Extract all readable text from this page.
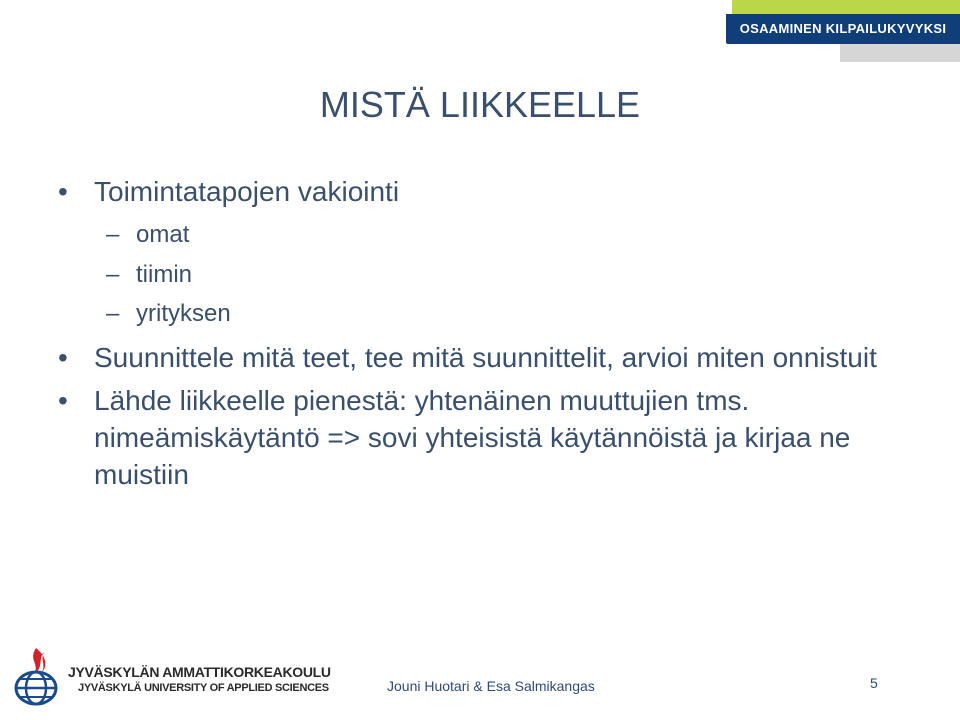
OSAAMINEN KILPAILUKYVYKSI
MISTÄ LIIKKEELLE
• Toimintatapojen vakiointi
– omat
– tiimin
– yrityksen
• Suunnittele mitä teet, tee mitä suunnittelit, arvioi miten onnistuit
• Lähde liikkeelle pienestä: yhtenäinen muuttujien tms. nimeämiskäytäntö => sovi yhteisistä käytännöistä ja kirjaa ne muistiin
JYVÄSKYLÄN AMMATTIKORKEAKOULU
JYVÄSKYLÄ UNIVERSITY OF APPLIED SCIENCES	Jouni Huotari & Esa Salmikangas	5
